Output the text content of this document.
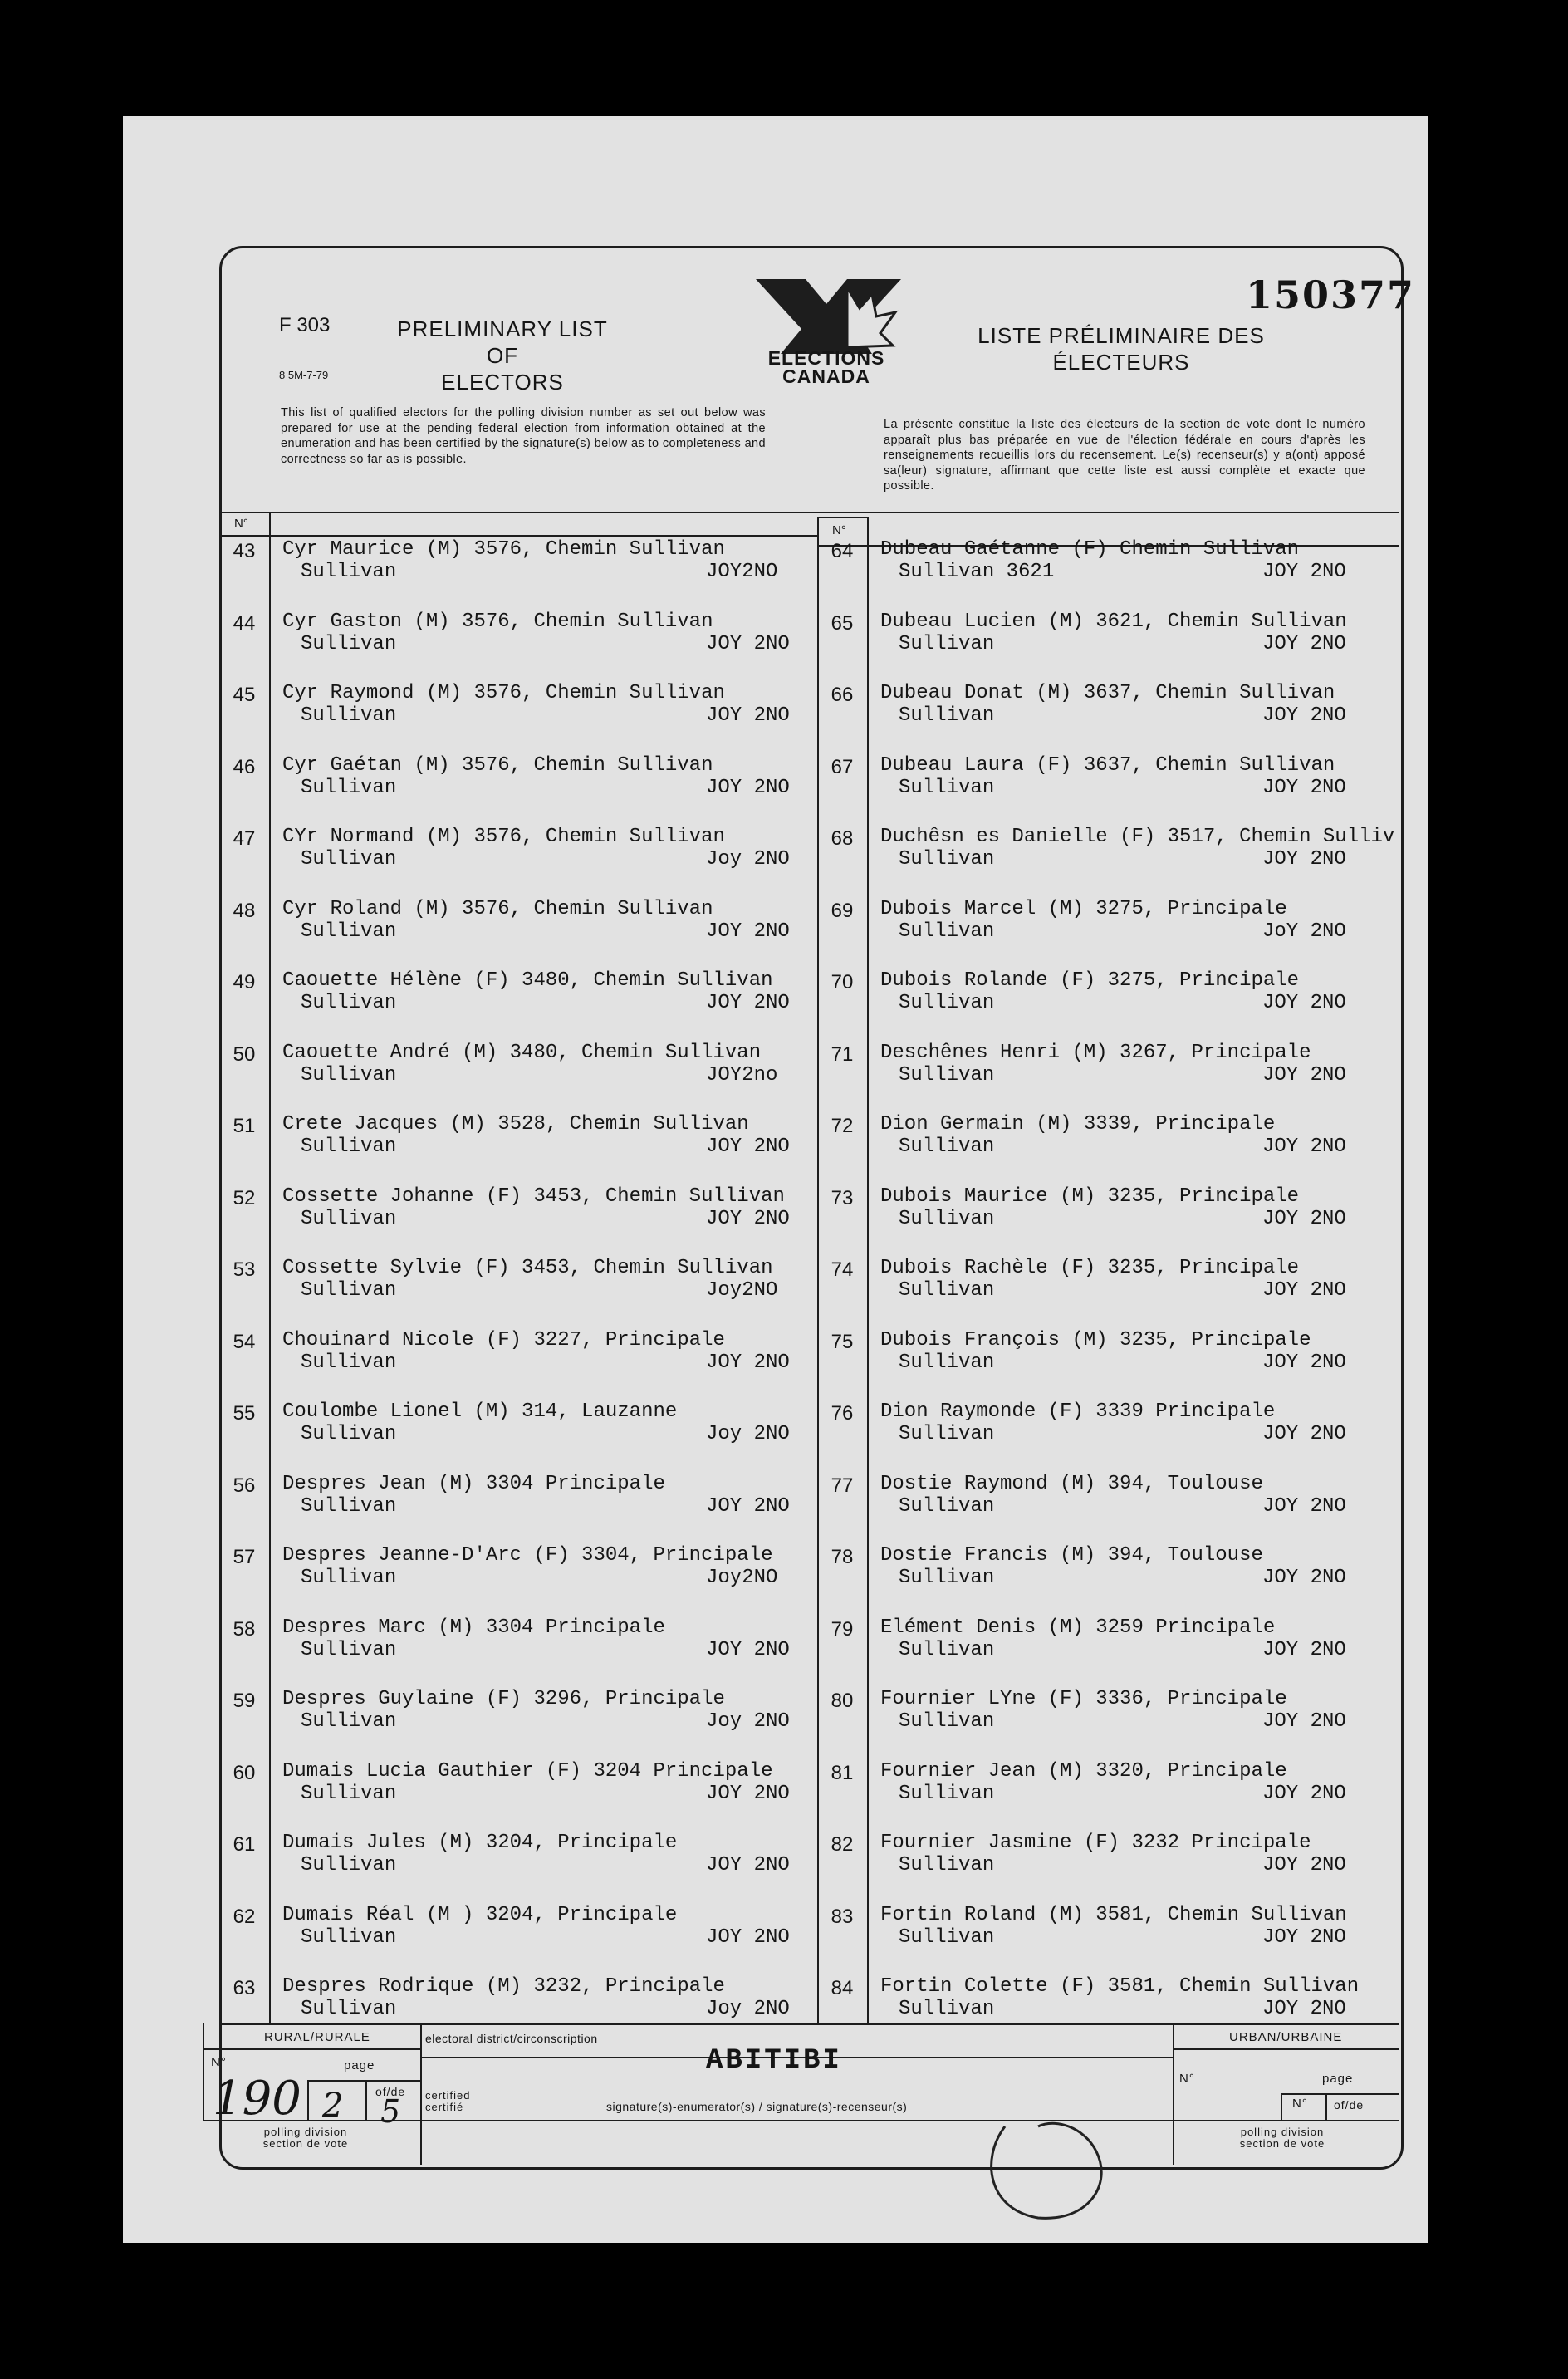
150377
F 303
8 5M-7-79
PRELIMINARY LIST OF
ELECTORS
LISTE PRÉLIMINAIRE DES
ÉLECTEURS
ELECTIONS
CANADA
This list of qualified electors for the polling division number as set out below was prepared for use at the pending federal election from information obtained at the enumeration and has been certified by the signature(s) below as to completeness and correctness so far as is possible.
La présente constitue la liste des électeurs de la section de vote dont le numéro apparaît plus bas préparée en vue de l'élection fédérale en cours d'après les renseignements recueillis lors du recensement. Le(s) recenseur(s) y a(ont) apposé sa(leur) signature, affirmant que cette liste est aussi complète et exacte que possible.
N°	N°
43	Cyr Maurice (M) 3576, Chemin Sullivan
Sullivan	JOY2NO
44	Cyr Gaston (M) 3576, Chemin Sullivan
Sullivan	JOY 2NO
45	Cyr Raymond (M) 3576, Chemin Sullivan
Sullivan	JOY 2NO
46	Cyr Gaétan (M) 3576, Chemin Sullivan
Sullivan	JOY 2NO
47	CYr Normand (M) 3576, Chemin Sullivan
Sullivan	Joy 2NO
48	Cyr Roland (M) 3576, Chemin Sullivan
Sullivan	JOY 2NO
49	Caouette Hélène (F) 3480, Chemin Sullivan
Sullivan	JOY 2NO
50	Caouette André (M) 3480, Chemin Sullivan
Sullivan	JOY2no
51	Crete Jacques (M) 3528, Chemin Sullivan
Sullivan	JOY 2NO
52	Cossette Johanne (F) 3453, Chemin Sullivan
Sullivan	JOY 2NO
53	Cossette Sylvie (F) 3453, Chemin Sullivan
Sullivan	Joy2NO
54	Chouinard Nicole (F) 3227, Principale
Sullivan	JOY 2NO
55	Coulombe Lionel (M) 314, Lauzanne
Sullivan	Joy 2NO
56	Despres Jean (M) 3304 Principale
Sullivan	JOY 2NO
57	Despres Jeanne-D'Arc (F) 3304, Principale
Sullivan	Joy2NO
58	Despres Marc (M) 3304 Principale
Sullivan	JOY 2NO
59	Despres Guylaine (F) 3296, Principale
Sullivan	Joy 2NO
60	Dumais Lucia Gauthier (F) 3204 Principale
Sullivan	JOY 2NO
61	Dumais Jules (M) 3204, Principale
Sullivan	JOY 2NO
62	Dumais Réal (M ) 3204, Principale
Sullivan	JOY 2NO
63	Despres Rodrique (M) 3232, Principale
Sullivan	Joy 2NO
64	Dubeau Gaétanne (F) Chemin Sullivan
Sullivan 3621	JOY 2NO
65	Dubeau Lucien (M) 3621, Chemin Sullivan
Sullivan	JOY 2NO
66	Dubeau Donat (M) 3637, Chemin Sullivan
Sullivan	JOY 2NO
67	Dubeau Laura (F) 3637, Chemin Sullivan
Sullivan	JOY 2NO
68	Duchêsn es Danielle (F) 3517, Chemin Sulliv
Sullivan	JOY 2NO
69	Dubois Marcel (M) 3275, Principale
Sullivan	JoY 2NO
70	Dubois Rolande (F) 3275, Principale
Sullivan	JOY 2NO
71	Deschênes Henri (M) 3267, Principale
Sullivan	JOY 2NO
72	Dion Germain (M) 3339, Principale
Sullivan	JOY 2NO
73	Dubois Maurice (M) 3235, Principale
Sullivan	JOY 2NO
74	Dubois Rachèle (F) 3235, Principale
Sullivan	JOY 2NO
75	Dubois François (M) 3235, Principale
Sullivan	JOY 2NO
76	Dion Raymonde (F) 3339 Principale
Sullivan	JOY 2NO
77	Dostie Raymond (M) 394, Toulouse
Sullivan	JOY 2NO
78	Dostie Francis (M) 394, Toulouse
Sullivan	JOY 2NO
79	Elément Denis (M) 3259 Principale
Sullivan	JOY 2NO
80	Fournier LYne (F) 3336, Principale
Sullivan	JOY 2NO
81	Fournier Jean (M) 3320, Principale
Sullivan	JOY 2NO
82	Fournier Jasmine (F) 3232 Principale
Sullivan	JOY 2NO
83	Fortin Roland (M) 3581, Chemin Sullivan
Sullivan	JOY 2NO
84	Fortin Colette (F) 3581, Chemin Sullivan
Sullivan	JOY 2NO
RURAL/RURALE	electoral district/circonscription
ABITIBI
URBAN/URBAINE
N°	page
of/de
190 2 5 certified certifié	signature(s)-enumerator(s) / signature(s)-recenseur(s)
N°	page
N° of/de
polling division section de vote
polling division section de vote
